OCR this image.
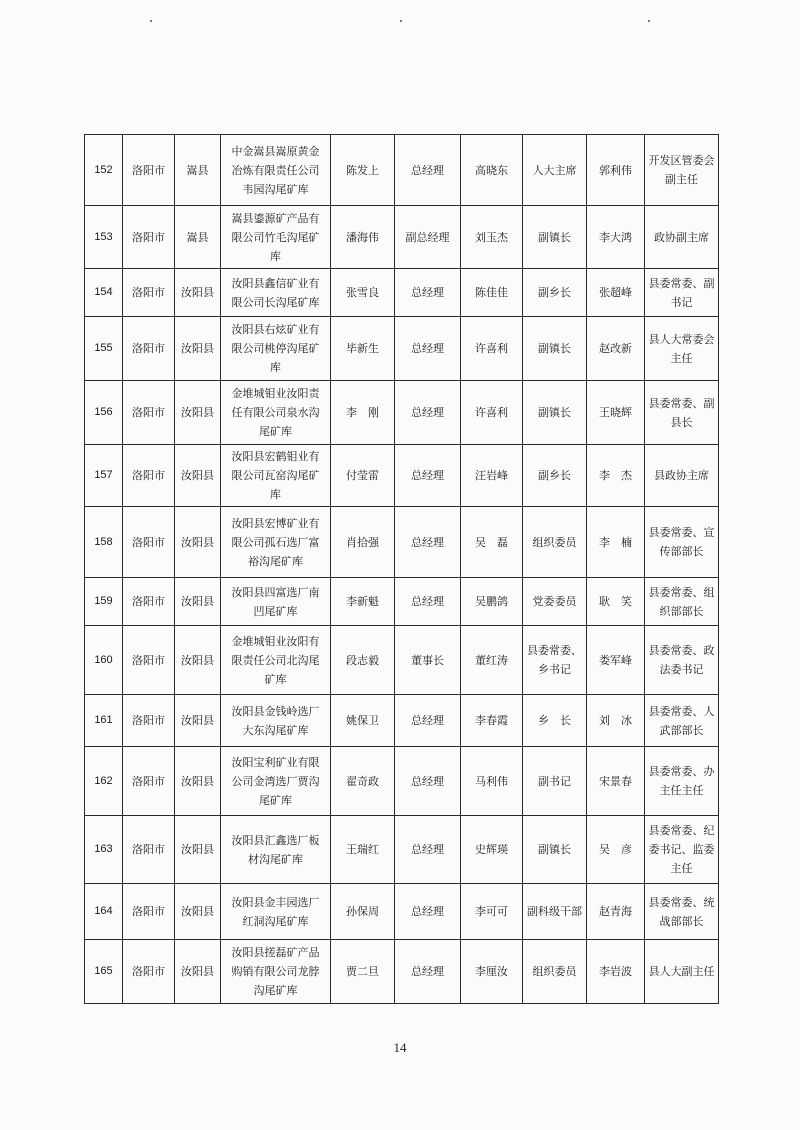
152	洛阳市	嵩县	中金嵩县嵩原黄金冶炼有限责任公司韦园沟尾矿库	陈发上	总经理	高晓东	人大主席	郭利伟	开发区管委会副主任
153	洛阳市	嵩县	嵩县鎏源矿产品有限公司竹毛沟尾矿库	潘海伟	副总经理	刘玉杰	副镇长	李大鸿	政协副主席
154	洛阳市	汝阳县	汝阳县鑫信矿业有限公司长沟尾矿库	张雪良	总经理	陈佳佳	副乡长	张超峰	县委常委、副书记
155	洛阳市	汝阳县	汝阳县右炫矿业有限公司桃停沟尾矿库	毕新生	总经理	许喜利	副镇长	赵改新	县人大常委会主任
156	洛阳市	汝阳县	金堆城钼业汝阳责任有限公司泉水沟尾矿库	李　刚	总经理	许喜利	副镇长	王晓辉	县委常委、副县长
157	洛阳市	汝阳县	汝阳县宏鹤钼业有限公司瓦窑沟尾矿库	付莹雷	总经理	汪岩峰	副乡长	李　杰	县政协主席
158	洛阳市	汝阳县	汝阳县宏博矿业有限公司孤石选厂富裕沟尾矿库	肖拾强	总经理	吴　磊	组织委员	李　楠	县委常委、宣传部部长
159	洛阳市	汝阳县	汝阳县四富选厂南凹尾矿库	李新魁	总经理	吴鹏鸽	党委委员	耿　笑	县委常委、组织部部长
160	洛阳市	汝阳县	金堆城钼业汝阳有限责任公司北沟尾矿库	段志毅	董事长	董红涛	县委常委、乡书记	娄军峰	县委常委、政法委书记
161	洛阳市	汝阳县	汝阳县金钱岭选厂大东沟尾矿库	姚保卫	总经理	李春霞	乡　长	刘　冰	县委常委、人武部部长
162	洛阳市	汝阳县	汝阳宝利矿业有限公司金湾选厂贾沟尾矿库	翟奇政	总经理	马利伟	副书记	宋景春	县委常委、办主任主任
163	洛阳市	汝阳县	汝阳县汇鑫选厂板材沟尾矿库	王瑞红	总经理	史辉瑛	副镇长	吴　彦	县委常委、纪委书记、监委主任
164	洛阳市	汝阳县	汝阳县金丰园选厂红洞沟尾矿库	孙保周	总经理	李可可	副科级干部	赵青海	县委常委、统战部部长
165	洛阳市	汝阳县	汝阳县搓磊矿产品购销有限公司龙脖沟尾矿库	贾二旦	总经理	李厘汝	组织委员	李岩波	县人大副主任
14
